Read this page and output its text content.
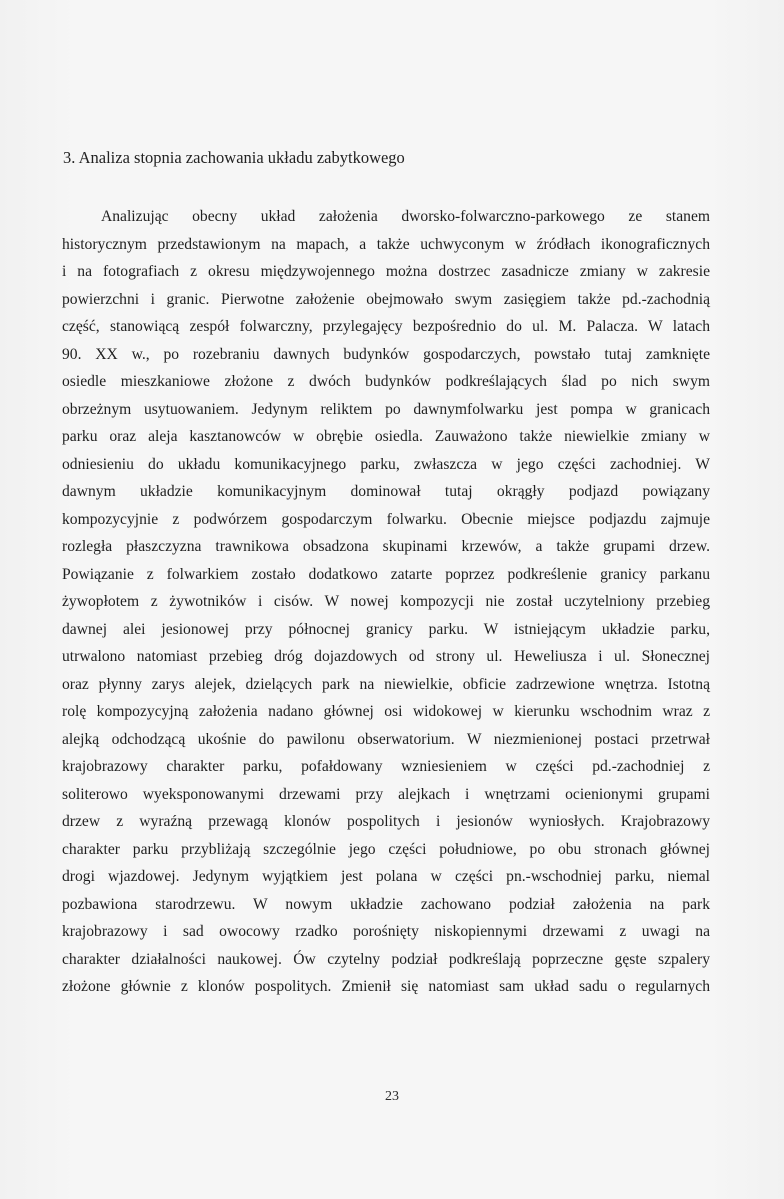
3. Analiza stopnia zachowania układu zabytkowego

Analizując obecny układ założenia dworsko-folwarczno-parkowego ze stanem
historycznym przedstawionym na mapach, a także uchwyconym w źródłach ikonograficznych
i na fotografiach z okresu międzywojennego można dostrzec zasadnicze zmiany w zakresie
powierzchni i granic. Pierwotne założenie obejmowało swym zasięgiem także pd.-zachodnią
część, stanowiącą zespół folwarczny, przylegajęcy bezpośrednio do ul. M. Palacza. W latach
90. XX w., po rozebraniu dawnych budynków gospodarczych, powstało tutaj zamknięte
osiedle mieszkaniowe złożone z dwóch budynków podkreślających ślad po nich swym
obrzeżnym usytuowaniem. Jedynym reliktem po dawnymfolwarku jest pompa w granicach
parku oraz aleja kasztanowców w obrębie osiedla. Zauważono także niewielkie zmiany w
odniesieniu do układu komunikacyjnego parku, zwłaszcza w jego części zachodniej. W
dawnym układzie komunikacyjnym dominował tutaj okrągły podjazd powiązany
kompozycyjnie z podwórzem gospodarczym folwarku. Obecnie miejsce podjazdu zajmuje
rozległa płaszczyzna trawnikowa obsadzona skupinami krzewów, a także grupami drzew.
Powiązanie z folwarkiem zostało dodatkowo zatarte poprzez podkreślenie granicy parkanu
żywopłotem z żywotników i cisów. W nowej kompozycji nie został uczytelniony przebieg
dawnej alei jesionowej przy północnej granicy parku. W istniejącym układzie parku,
utrwalono natomiast przebieg dróg dojazdowych od strony ul. Heweliusza i ul. Słonecznej
oraz płynny zarys alejek, dzielących park na niewielkie, obficie zadrzewione wnętrza. Istotną
rolę kompozycyjną założenia nadano głównej osi widokowej w kierunku wschodnim wraz z
alejką odchodzącą ukośnie do pawilonu obserwatorium. W niezmienionej postaci przetrwał
krajobrazowy charakter parku, pofałdowany wzniesieniem w części pd.-zachodniej z
soliterowo wyeksponowanymi drzewami przy alejkach i wnętrzami ocienionymi grupami
drzew z wyraźną przewagą klonów pospolitych i jesionów wyniosłych. Krajobrazowy
charakter parku przybliżają szczególnie jego części południowe, po obu stronach głównej
drogi wjazdowej. Jedynym wyjątkiem jest polana w części pn.-wschodniej parku, niemal
pozbawiona starodrzewu. W nowym układzie zachowano podział założenia na park
krajobrazowy i sad owocowy rzadko porośnięty niskopiennymi drzewami z uwagi na
charakter działalności naukowej. Ów czytelny podział podkreślają poprzeczne gęste szpalery
złożone głównie z klonów pospolitych. Zmienił się natomiast sam układ sadu o regularnych

23
